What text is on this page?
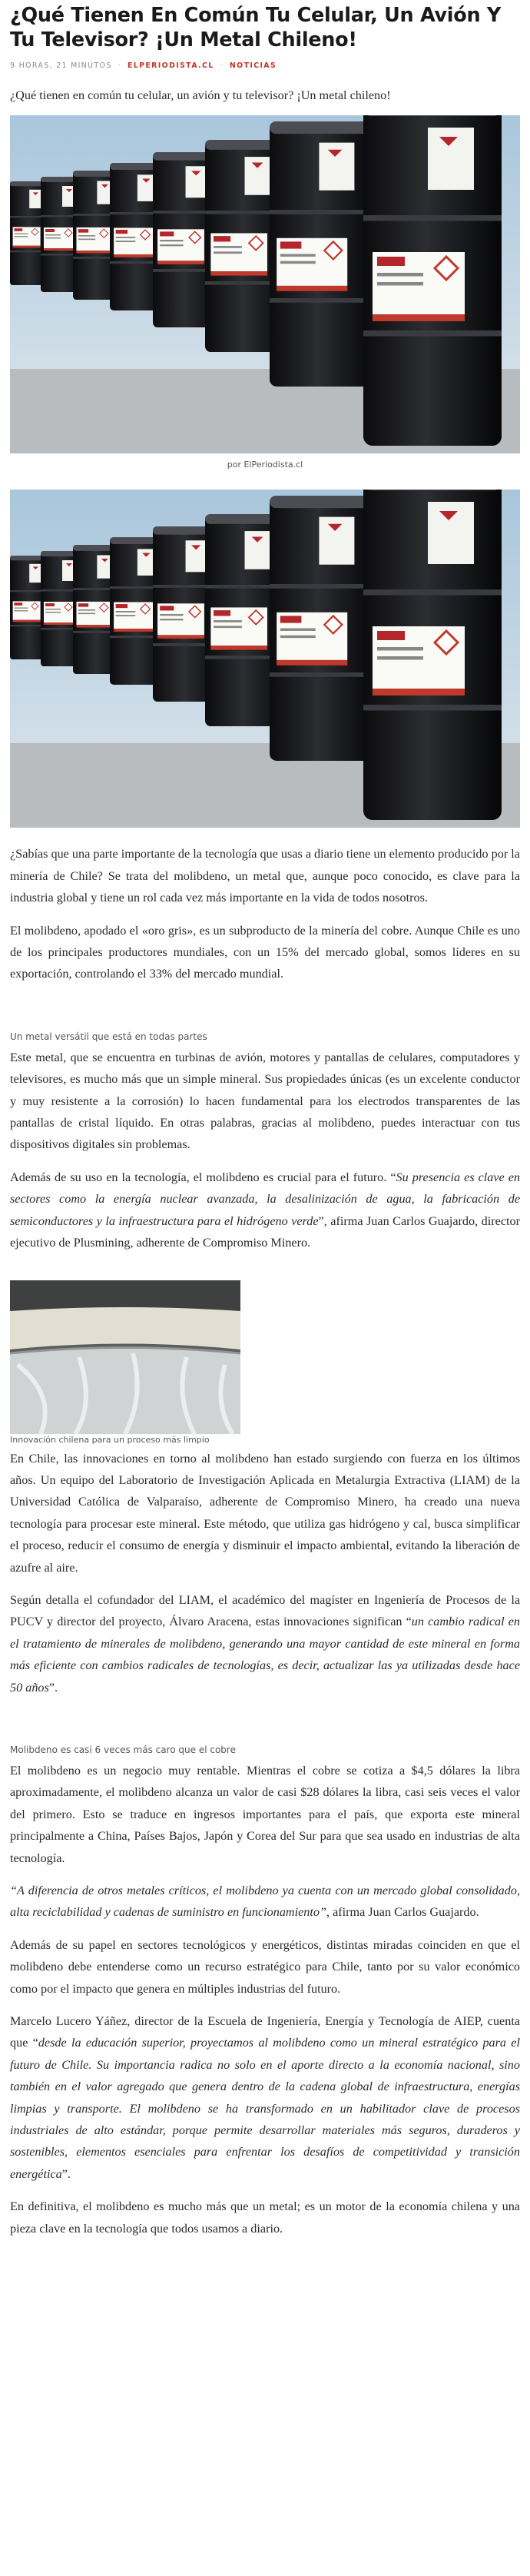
¿Qué Tienen En Común Tu Celular, Un Avión Y Tu Televisor? ¡Un Metal Chileno!
9 HORAS, 21 MINUTOS · ELPERIODISTA.CL · NOTICIAS

¿Qué tienen en común tu celular, un avión y tu televisor? ¡Un metal chileno!

por ElPeriodista.cl

¿Sabías que una parte importante de la tecnología que usas a diario tiene un elemento producido por la minería de Chile? Se trata del molibdeno, un metal que, aunque poco conocido, es clave para la industria global y tiene un rol cada vez más importante en la vida de todos nosotros.

El molibdeno, apodado el «oro gris», es un subproducto de la minería del cobre. Aunque Chile es uno de los principales productores mundiales, con un 15% del mercado global, somos líderes en su exportación, controlando el 33% del mercado mundial.

Un metal versátil que está en todas partes

Este metal, que se encuentra en turbinas de avión, motores y pantallas de celulares, computadores y televisores, es mucho más que un simple mineral. Sus propiedades únicas (es un excelente conductor y muy resistente a la corrosión) lo hacen fundamental para los electrodos transparentes de las pantallas de cristal líquido. En otras palabras, gracias al molibdeno, puedes interactuar con tus dispositivos digitales sin problemas.

Además de su uso en la tecnología, el molibdeno es crucial para el futuro. “Su presencia es clave en sectores como la energía nuclear avanzada, la desalinización de agua, la fabricación de semiconductores y la infraestructura para el hidrógeno verde”, afirma Juan Carlos Guajardo, director ejecutivo de Plusmining, adherente de Compromiso Minero.

Innovación chilena para un proceso más limpio

En Chile, las innovaciones en torno al molibdeno han estado surgiendo con fuerza en los últimos años. Un equipo del Laboratorio de Investigación Aplicada en Metalurgia Extractiva (LIAM) de la Universidad Católica de Valparaíso, adherente de Compromiso Minero, ha creado una nueva tecnología para procesar este mineral. Este método, que utiliza gas hidrógeno y cal, busca simplificar el proceso, reducir el consumo de energía y disminuir el impacto ambiental, evitando la liberación de azufre al aire.

Según detalla el cofundador del LIAM, el académico del magíster en Ingeniería de Procesos de la PUCV y director del proyecto, Álvaro Aracena, estas innovaciones significan “un cambio radical en el tratamiento de minerales de molibdeno, generando una mayor cantidad de este mineral en forma más eficiente con cambios radicales de tecnologías, es decir, actualizar las ya utilizadas desde hace 50 años”.

Molibdeno es casi 6 veces más caro que el cobre

El molibdeno es un negocio muy rentable. Mientras el cobre se cotiza a $4,5 dólares la libra aproximadamente, el molibdeno alcanza un valor de casi $28 dólares la libra, casi seis veces el valor del primero. Esto se traduce en ingresos importantes para el país, que exporta este mineral principalmente a China, Países Bajos, Japón y Corea del Sur para que sea usado en industrias de alta tecnología.

“A diferencia de otros metales críticos, el molibdeno ya cuenta con un mercado global consolidado, alta reciclabilidad y cadenas de suministro en funcionamiento”, afirma Juan Carlos Guajardo.

Además de su papel en sectores tecnológicos y energéticos, distintas miradas coinciden en que el molibdeno debe entenderse como un recurso estratégico para Chile, tanto por su valor económico como por el impacto que genera en múltiples industrias del futuro.

Marcelo Lucero Yáñez, director de la Escuela de Ingeniería, Energía y Tecnología de AIEP, cuenta que “desde la educación superior, proyectamos al molibdeno como un mineral estratégico para el futuro de Chile. Su importancia radica no solo en el aporte directo a la economía nacional, sino también en el valor agregado que genera dentro de la cadena global de infraestructura, energías limpias y transporte. El molibdeno se ha transformado en un habilitador clave de procesos industriales de alto estándar, porque permite desarrollar materiales más seguros, duraderos y sostenibles, elementos esenciales para enfrentar los desafíos de competitividad y transición energética”.

En definitiva, el molibdeno es mucho más que un metal; es un motor de la economía chilena y una pieza clave en la tecnología que todos usamos a diario.
